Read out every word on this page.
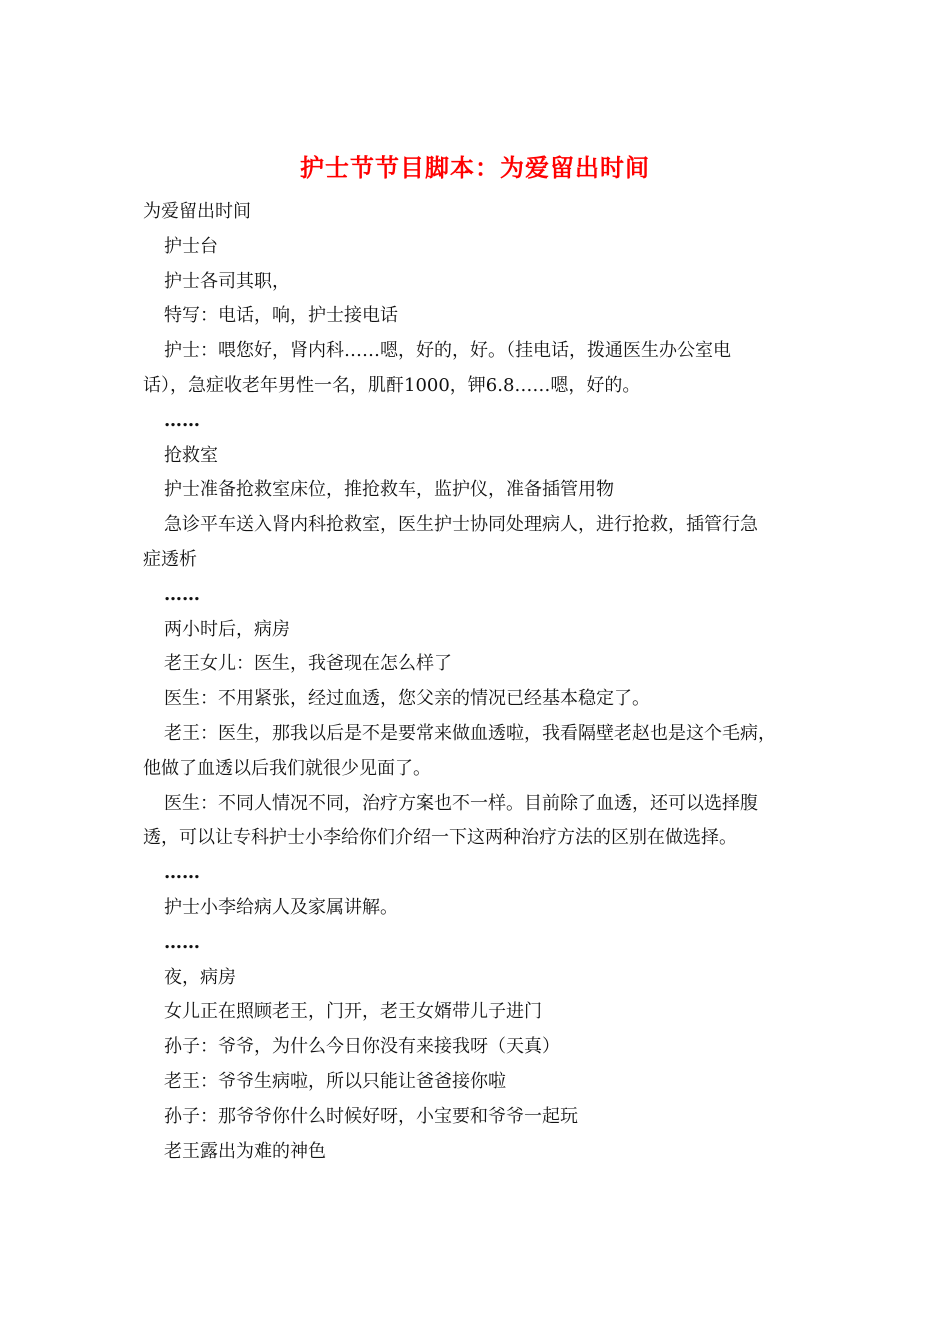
护士节节目脚本：为爱留出时间
为爱留出时间
护士台
护士各司其职，
特写：电话，响，护士接电话
护士：喂您好，肾内科……嗯，好的，好。（挂电话，拨通医生办公室电
话），急症收老年男性一名，肌酐1000，钾6.8……嗯，好的。
……
抢救室
护士准备抢救室床位，推抢救车，监护仪，准备插管用物
急诊平车送入肾内科抢救室，医生护士协同处理病人，进行抢救，插管行急
症透析
……
两小时后，病房
老王女儿：医生，我爸现在怎么样了
医生：不用紧张，经过血透，您父亲的情况已经基本稳定了。
老王：医生，那我以后是不是要常来做血透啦，我看隔壁老赵也是这个毛病，
他做了血透以后我们就很少见面了。
医生：不同人情况不同，治疗方案也不一样。目前除了血透，还可以选择腹
透，可以让专科护士小李给你们介绍一下这两种治疗方法的区别在做选择。
……
护士小李给病人及家属讲解。
……
夜，病房
女儿正在照顾老王，门开，老王女婿带儿子进门
孙子：爷爷，为什么今日你没有来接我呀（天真）
老王：爷爷生病啦，所以只能让爸爸接你啦
孙子：那爷爷你什么时候好呀，小宝要和爷爷一起玩
老王露出为难的神色
